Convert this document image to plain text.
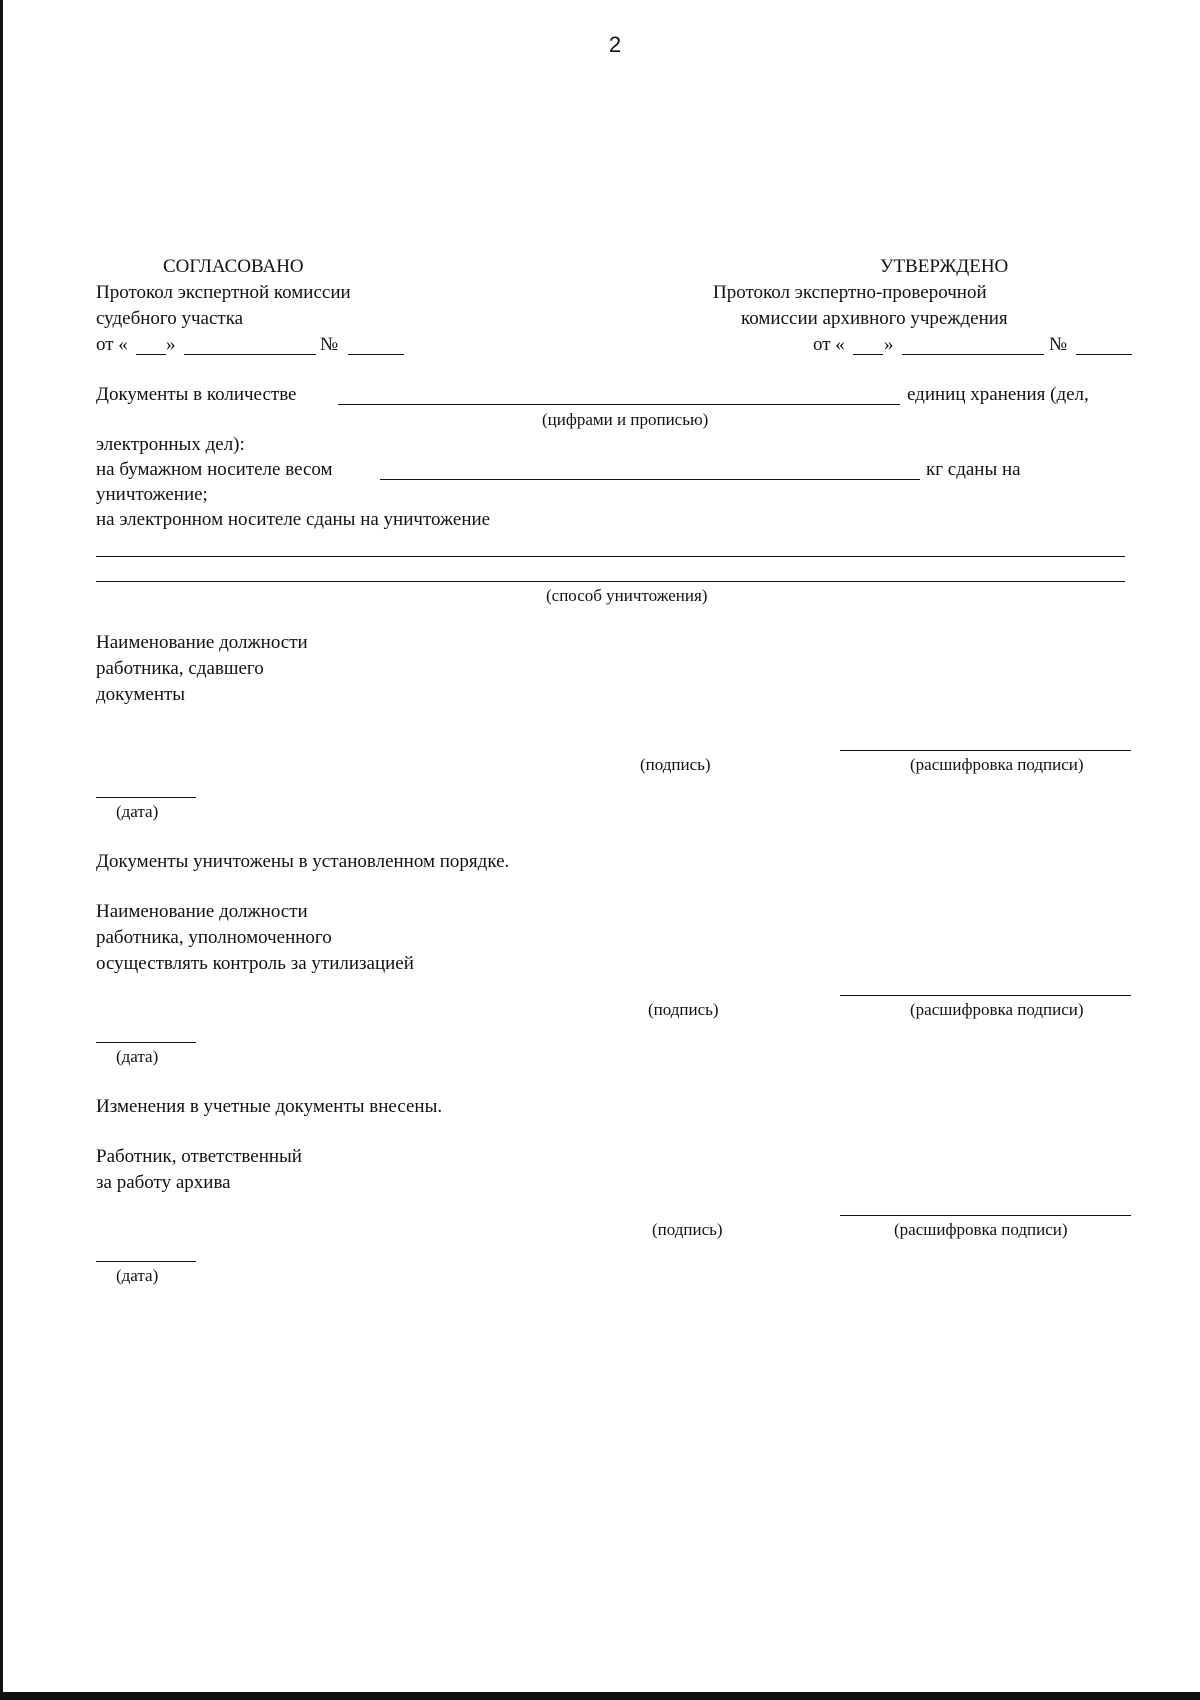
2
СОГЛАСОВАНО
Протокол экспертной комиссии
судебного участка
от « »	№
УТВЕРЖДЕНО
Протокол экспертно-проверочной
комиссии архивного учреждения
от « »	№
Документы в количестве	единиц хранения (дел,
(цифрами и прописью)
электронных дел):
на бумажном носителе весом	кг сданы на
уничтожение;
на электронном носителе сданы на уничтожение
(способ уничтожения)
Наименование должности
работника, сдавшего
документы
(подпись)	(расшифровка подписи)
(дата)
Документы уничтожены в установленном порядке.
Наименование должности
работника, уполномоченного
осуществлять контроль за утилизацией
(подпись)	(расшифровка подписи)
(дата)
Изменения в учетные документы внесены.
Работник, ответственный
за работу архива
(подпись)	(расшифровка подписи)
(дата)
